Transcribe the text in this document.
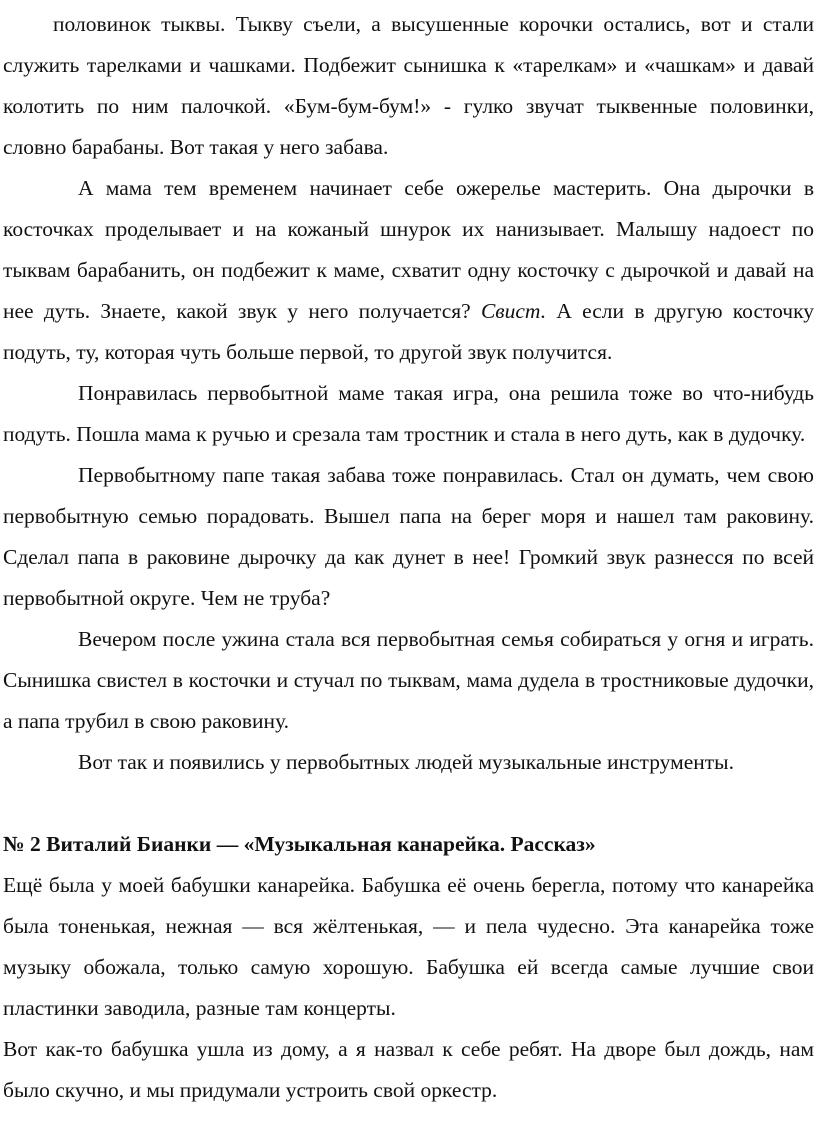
половинок тыквы. Тыкву съели, а высушенные корочки остались, вот и стали служить тарелками и чашками. Подбежит сынишка к «тарелкам» и «чашкам» и давай колотить по ним палочкой. «Бум-бум-бум!» - гулко звучат тыквенные половинки, словно барабаны. Вот такая у него забава.

А мама тем временем начинает себе ожерелье мастерить. Она дырочки в косточках проделывает и на кожаный шнурок их нанизывает. Малышу надоест по тыквам барабанить, он подбежит к маме, схватит одну косточку с дырочкой и давай на нее дуть. Знаете, какой звук у него получается? Свист. А если в другую косточку подуть, ту, которая чуть больше первой, то другой звук получится.

Понравилась первобытной маме такая игра, она решила тоже во что-нибудь подуть. Пошла мама к ручью и срезала там тростник и стала в него дуть, как в дудочку.

Первобытному папе такая забава тоже понравилась. Стал он думать, чем свою первобытную семью порадовать. Вышел папа на берег моря и нашел там раковину. Сделал папа в раковине дырочку да как дунет в нее! Громкий звук разнесся по всей первобытной округе. Чем не труба?

Вечером после ужина стала вся первобытная семья собираться у огня и играть. Сынишка свистел в косточки и стучал по тыквам, мама дудела в тростниковые дудочки, а папа трубил в свою раковину.

Вот так и появились у первобытных людей музыкальные инструменты.

№ 2 Виталий Бианки — «Музыкальная канарейка. Рассказ»

Ещё была у моей бабушки канарейка. Бабушка её очень берегла, потому что канарейка была тоненькая, нежная — вся жёлтенькая, — и пела чудесно. Эта канарейка тоже музыку обожала, только самую хорошую. Бабушка ей всегда самые лучшие свои пластинки заводила, разные там концерты.

Вот как-то бабушка ушла из дому, а я назвал к себе ребят. На дворе был дождь, нам было скучно, и мы придумали устроить свой оркестр.
